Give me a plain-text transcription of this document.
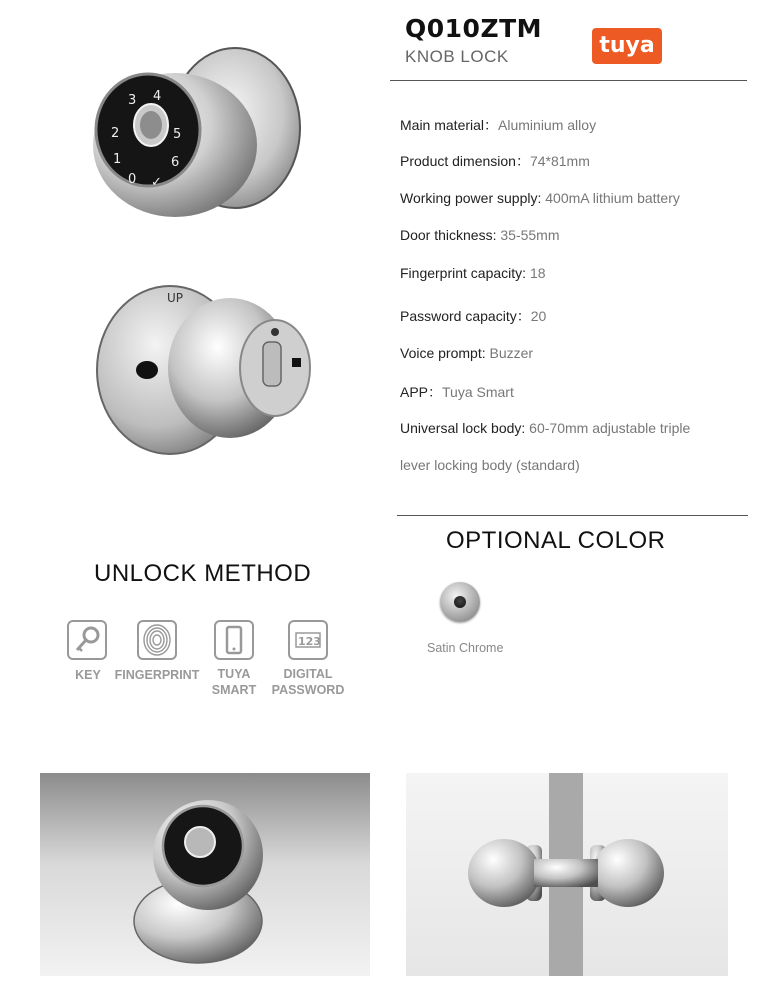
Q010ZTM
KNOB LOCK	tuya
Main material：Aluminium alloy
Product dimension：74*81mm
Working power supply: 400mA lithium battery
Door thickness: 35-55mm
Fingerprint capacity: 18
Password capacity：20
Voice prompt: Buzzer
APP：Tuya Smart
Universal lock body: 60-70mm adjustable triple
lever locking body (standard)
OPTIONAL COLOR
Satin Chrome
1
2
3 4
5
6
0 ✓
UP
UNLOCK METHOD
KEY	FINGERPRINT	TUYA
SMART
123
DIGITAL
PASSWORD
